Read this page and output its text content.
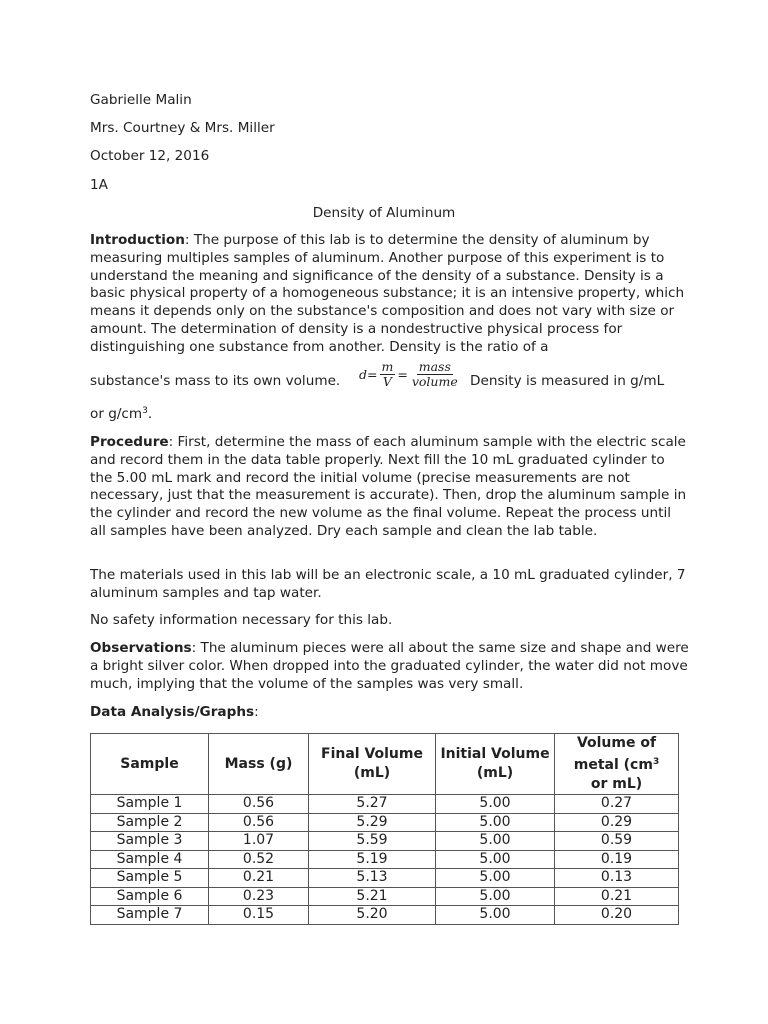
Gabrielle Malin

Mrs. Courtney & Mrs. Miller

October 12, 2016

1A

Density of Aluminum

Introduction: The purpose of this lab is to determine the density of aluminum by measuring multiples samples of aluminum. Another purpose of this experiment is to understand the meaning and significance of the density of a substance. Density is a basic physical property of a homogeneous substance; it is an intensive property, which means it depends only on the substance's composition and does not vary with size or amount. The determination of density is a nondestructive physical process for distinguishing one substance from another. Density is the ratio of a

substance's mass to its own volume. $d = \frac{m}{V} = \frac{\text{mass}}{\text{volume}}$ Density is measured in g/mL

or $g/cm^3$.

Procedure: First, determine the mass of each aluminum sample with the electric scale and record them in the data table properly. Next fill the 10 mL graduated cylinder to the 5.00 mL mark and record the initial volume (precise measurements are not necessary, just that the measurement is accurate). Then, drop the aluminum sample in the cylinder and record the new volume as the final volume. Repeat the process until all samples have been analyzed. Dry each sample and clean the lab table.

The materials used in this lab will be an electronic scale, a 10 mL graduated cylinder, 7 aluminum samples and tap water.

No safety information necessary for this lab.

Observations: The aluminum pieces were all about the same size and shape and were a bright silver color. When dropped into the graduated cylinder, the water did not move much, implying that the volume of the samples was very small.

Data Analysis/Graphs:

Sample	Mass (g)	Final Volume (mL)	Initial Volume (mL)	Volume of metal ($cm^3$
or mL)
Sample 1	0.56	5.27	5.00	0.27
Sample 2	0.56	5.29	5.00	0.29
Sample 3	1.07	5.59	5.00	0.59
Sample 4	0.52	5.19	5.00	0.19
Sample 5	0.21	5.13	5.00	0.13
Sample 6	0.23	5.21	5.00	0.21
Sample 7	0.15	5.20	5.00	0.20
